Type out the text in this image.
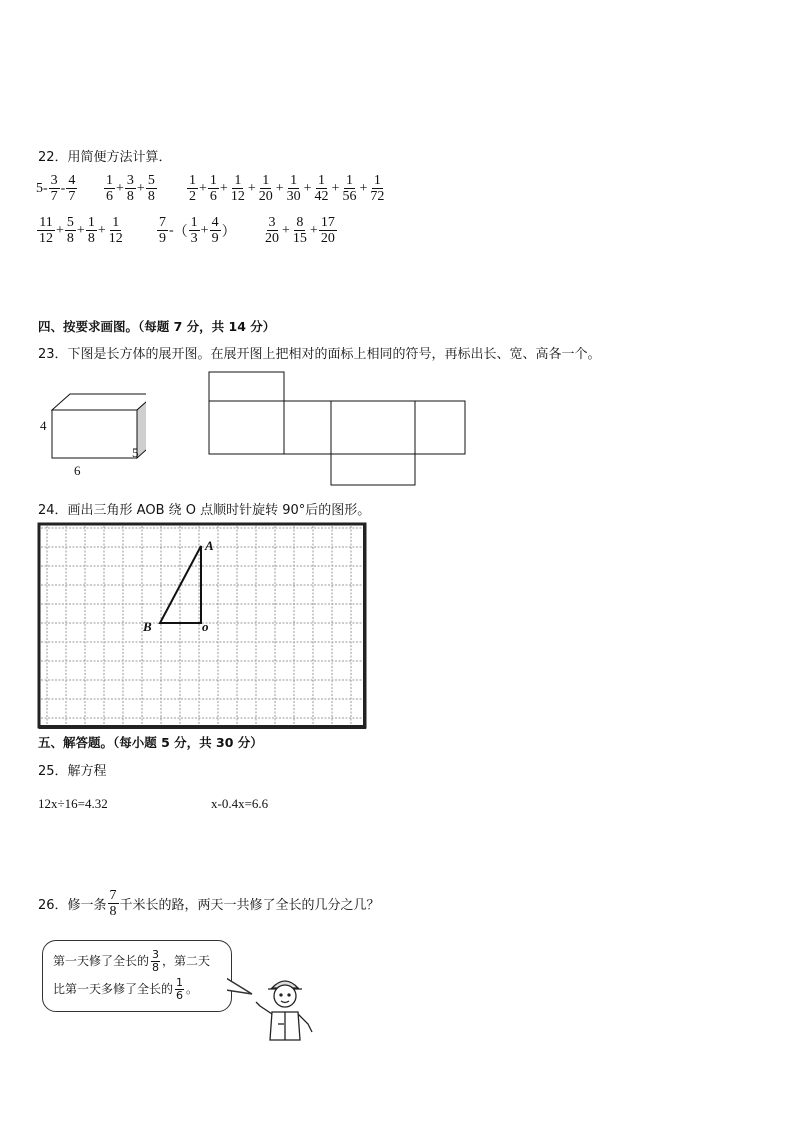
22．用简便方法计算．
$5 - \frac{3}{7} - \frac{4}{7} \frac{1}{6} + \frac{3}{8} + \frac{5}{8} \frac{1}{2} + \frac{1}{6} + \frac{1}{12} + \frac{1}{20} + \frac{1}{30} + \frac{1}{42} + \frac{1}{56} + \frac{1}{72}$
$\frac{11}{12} + \frac{5}{8} + \frac{1}{8} + \frac{1}{12} \frac{7}{9}$ - （ $\frac{1}{3} + \frac{4}{9}$ ） $\frac{3}{20} + \frac{8}{15} + \frac{17}{20}$
四、按要求画图。（每题 7 分，共 14 分）
23．下图是长方体的展开图。在展开图上把相对的面标上相同的符号，再标出长、宽、高各一个。
4
6
5
24．画出三角形 AOB 绕 O 点顺时针旋转 90°后的图形。
A
B	o
五、解答题。（每小题 5 分，共 30 分）
25．解方程
12x÷16=4.32	x-0.4x=6.6
26．修一条 $\frac{7}{8}$ 千米长的路，两天一共修了全长的几分之几？
第一天修了全长的 3
8 ，第二天
比第一天多修了全长的 1
6 。
